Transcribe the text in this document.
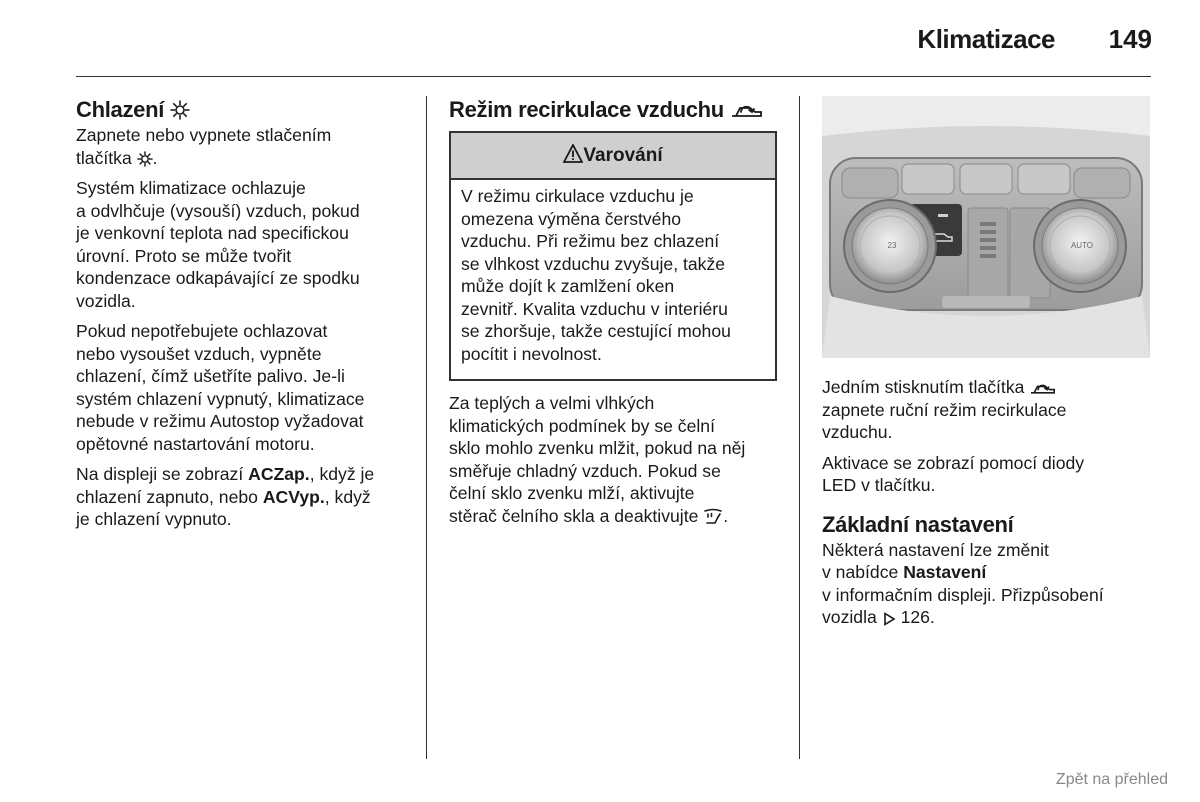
Klimatizace	149
Chlazení

Zapnete nebo vypnete stlačením
tlačítka .

Systém klimatizace ochlazuje
a odvlhčuje (vysouší) vzduch, pokud
je venkovní teplota nad specifickou
úrovní. Proto se může tvořit
kondenzace odkapávající ze spodku
vozidla.

Pokud nepotřebujete ochlazovat
nebo vysoušet vzduch, vypněte
chlazení, čímž ušetříte palivo. Je-li
systém chlazení vypnutý, klimatizace
nebude v režimu Autostop vyžadovat
opětovné nastartování motoru.

Na displeji se zobrazí ACZap., když je
chlazení zapnuto, nebo ACVyp., když
je chlazení vypnuto.

Režim recirkulace vzduchu
Varování
V režimu cirkulace vzduchu je
omezena výměna čerstvého
vzduchu. Při režimu bez chlazení
se vlhkost vzduchu zvyšuje, takže
může dojít k zamlžení oken
zevnitř. Kvalita vzduchu v interiéru
se zhoršuje, takže cestující mohou
pocítit i nevolnost.

Za teplých a velmi vlhkých
klimatických podmínek by se čelní
sklo mohlo zvenku mlžit, pokud na něj
směřuje chladný vzduch. Pokud se
čelní sklo zvenku mlží, aktivujte
stěrač čelního skla a deaktivujte .

23	AUTO

Jedním stisknutím tlačítka
zapnete ruční režim recirkulace
vzduchu.

Aktivace se zobrazí pomocí diody
LED v tlačítku.

Základní nastavení

Některá nastavení lze změnit
v nabídce Nastavení
v informačním displeji. Přizpůsobení
vozidla 126.

Zpět na přehled
